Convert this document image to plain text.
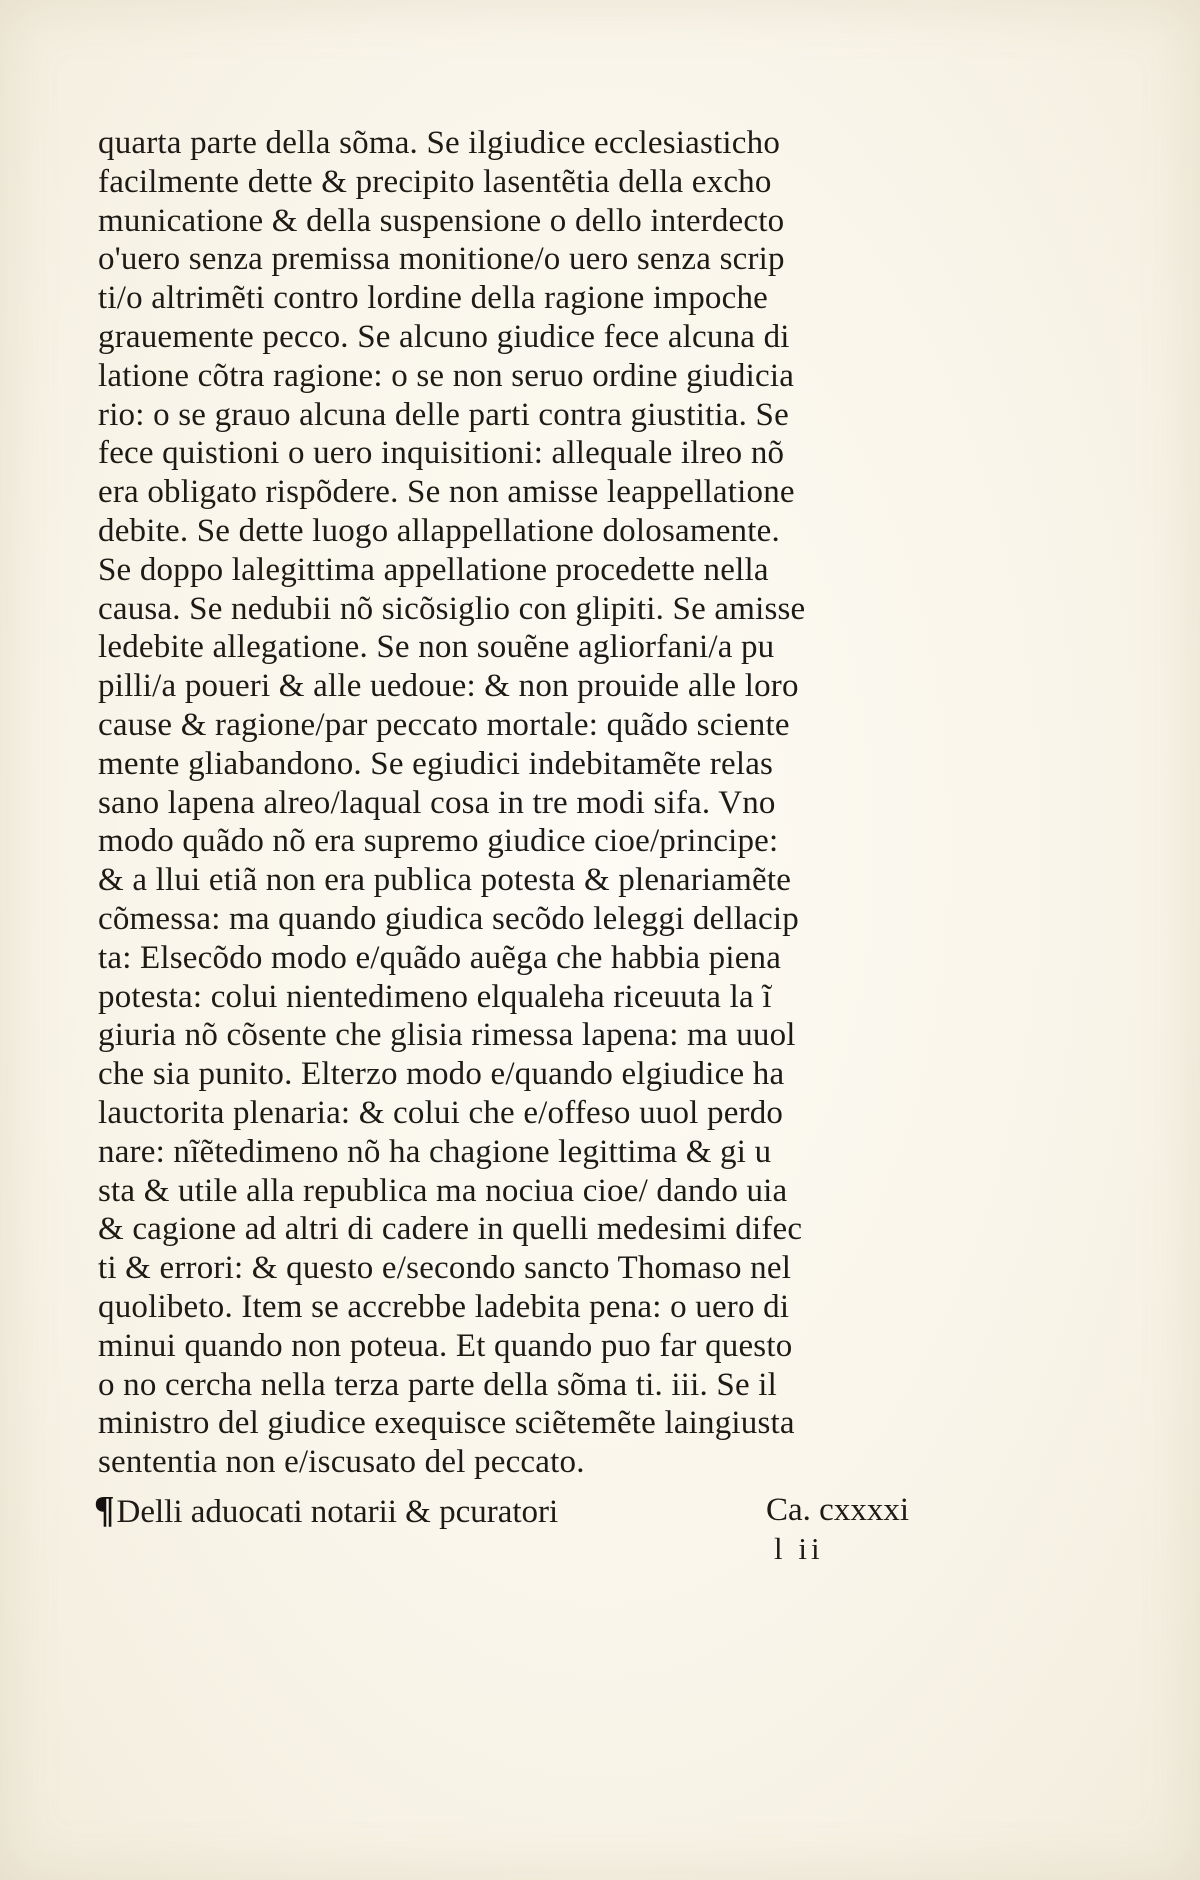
quarta parte della sõma. Se ilgiudice ecclesiasticho
facilmente dette & precipito lasentẽtia della excho
municatione & della suspensione o dello interdecto
o'uero senza premissa monitione/o uero senza scrip
ti/o altrimẽti contro lordine della ragione impoche
grauemente pecco. Se alcuno giudice fece alcuna di
latione cõtra ragione: o se non seruo ordine giudicia
rio: o se grauo alcuna delle parti contra giustitia. Se
fece quistioni o uero inquisitioni: allequale ilreo nõ
era obligato rispõdere. Se non amisse leappellatione
debite. Se dette luogo allappellatione dolosamente.
Se doppo lalegittima appellatione procedette nella
causa. Se nedubii nõ sicõsiglio con glipiti. Se amisse
ledebite allegatione. Se non souẽne agliorfani/a pu
pilli/a poueri & alle uedoue: & non prouide alle loro
cause & ragione/par peccato mortale: quãdo sciente
mente gliabandono. Se egiudici indebitamẽte relas
sano lapena alreo/laqual cosa in tre modi sifa. Vno
modo quãdo nõ era supremo giudice cioe/principe:
& a llui etiã non era publica potesta & plenariamẽte
cõmessa: ma quando giudica secõdo leleggi dellacip
ta: Elsecõdo modo e/quãdo auẽga che habbia piena
potesta: colui nientedimeno elqualeha riceuuta la ĩ
giuria nõ cõsente che glisia rimessa lapena: ma uuol
che sia punito. Elterzo modo e/quando elgiudice ha
lauctorita plenaria: & colui che e/offeso uuol perdo
nare: nĩẽtedimeno nõ ha chagione legittima & gi u
sta & utile alla republica ma nociua cioe/ dando uia
& cagione ad altri di cadere in quelli medesimi difec
ti & errori: & questo e/secondo sancto Thomaso nel
quolibeto. Item se accrebbe ladebita pena: o uero di
minui quando non poteua. Et quando puo far questo
o no cercha nella terza parte della sõma ti. iii. Se il
ministro del giudice exequisce sciẽtemẽte laingiusta
sententia non e/iscusato del peccato.
¶Delli aduocati notarii & pcuratori	Ca. cxxxxi
l ii
